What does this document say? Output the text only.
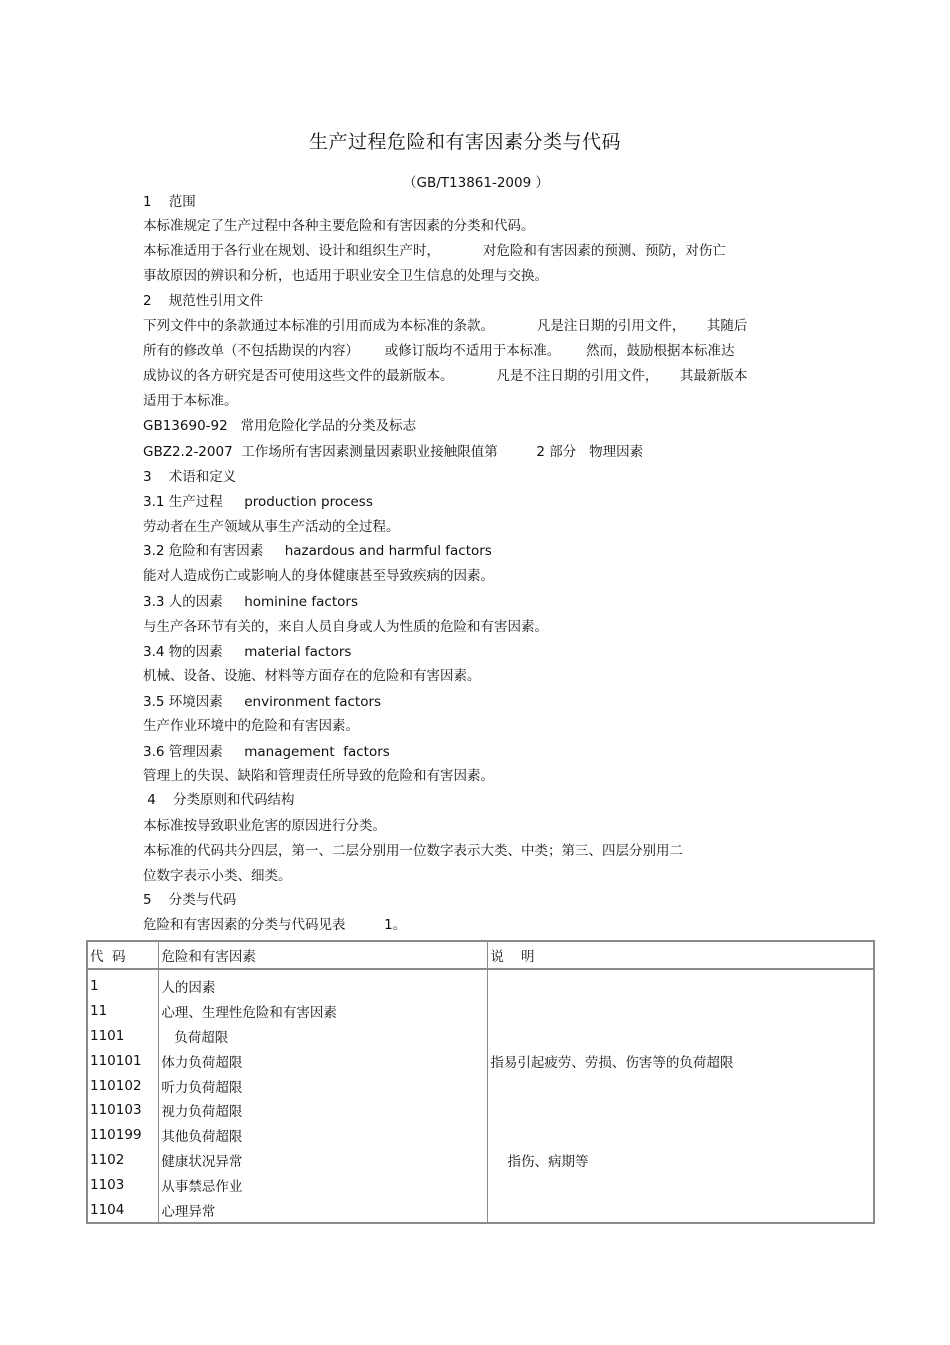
生产过程危险和有害因素分类与代码
（GB/T13861-2009 ）
1    范围
本标准规定了生产过程中各种主要危险和有害因素的分类和代码。
本标准适用于各行业在规划、设计和组织生产时，          对危险和有害因素的预测、预防，对伤亡
事故原因的辨识和分析，也适用于职业安全卫生信息的处理与交换。
2    规范性引用文件
下列文件中的条款通过本标准的引用而成为本标准的条款。          凡是注日期的引用文件，     其随后
所有的修改单（不包括勘误的内容）      或修订版均不适用于本标准。      然而，鼓励根据本标准达
成协议的各方研究是否可使用这些文件的最新版本。          凡是不注日期的引用文件，     其最新版本
适用于本标准。
GB13690-92   常用危险化学品的分类及标志
GBZ2.2-2007  工作场所有害因素测量因素职业接触限值第         2 部分   物理因素
3    术语和定义
3.1 生产过程     production process
劳动者在生产领域从事生产活动的全过程。
3.2 危险和有害因素     hazardous and harmful factors
能对人造成伤亡或影响人的身体健康甚至导致疾病的因素。
3.3 人的因素     hominine factors
与生产各环节有关的，来自人员自身或人为性质的危险和有害因素。
3.4 物的因素     material factors
机械、设备、设施、材料等方面存在的危险和有害因素。
3.5 环境因素     environment factors
生产作业环境中的危险和有害因素。
3.6 管理因素     management  factors
管理上的失误、缺陷和管理责任所导致的危险和有害因素。
4    分类原则和代码结构
本标准按导致职业危害的原因进行分类。
本标准的代码共分四层，第一、二层分别用一位数字表示大类、中类；第三、四层分别用二
位数字表示小类、细类。
5    分类与代码
危险和有害因素的分类与代码见表         1。
代  码	危险和有害因素	说    明
1	人的因素	
11	心理、生理性危险和有害因素	
1101	负荷超限	
110101	体力负荷超限	指易引起疲劳、劳损、伤害等的负荷超限
110102	听力负荷超限	
110103	视力负荷超限	
110199	其他负荷超限	
1102	健康状况异常	指伤、病期等
1103	从事禁忌作业	
1104	心理异常	
